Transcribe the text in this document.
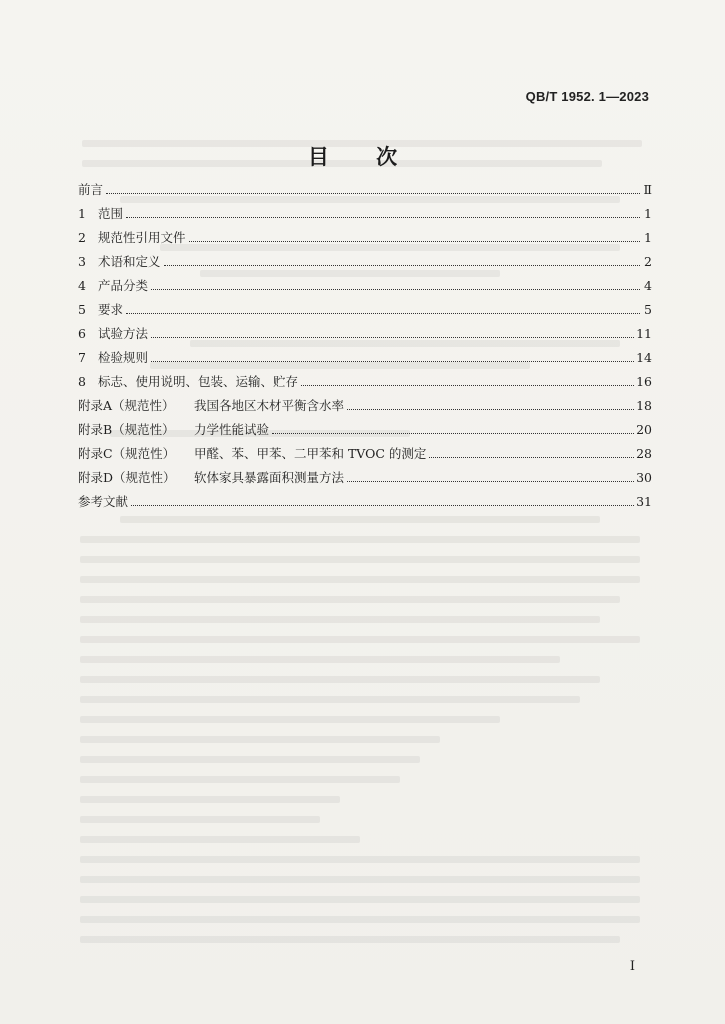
QB/T 1952. 1—2023
目 次
前言	Ⅱ
1 范围	1
2 规范性引用文件	1
3 术语和定义	2
4 产品分类	4
5 要求	5
6 试验方法	11
7 检验规则	14
8 标志、使用说明、包装、运输、贮存	16
附录A（规范性） 我国各地区木材平衡含水率	18
附录B（规范性） 力学性能试验	20
附录C（规范性） 甲醛、苯、甲苯、二甲苯和 TVOC 的测定	28
附录D（规范性） 软体家具暴露面积测量方法	30
参考文献	31
I
